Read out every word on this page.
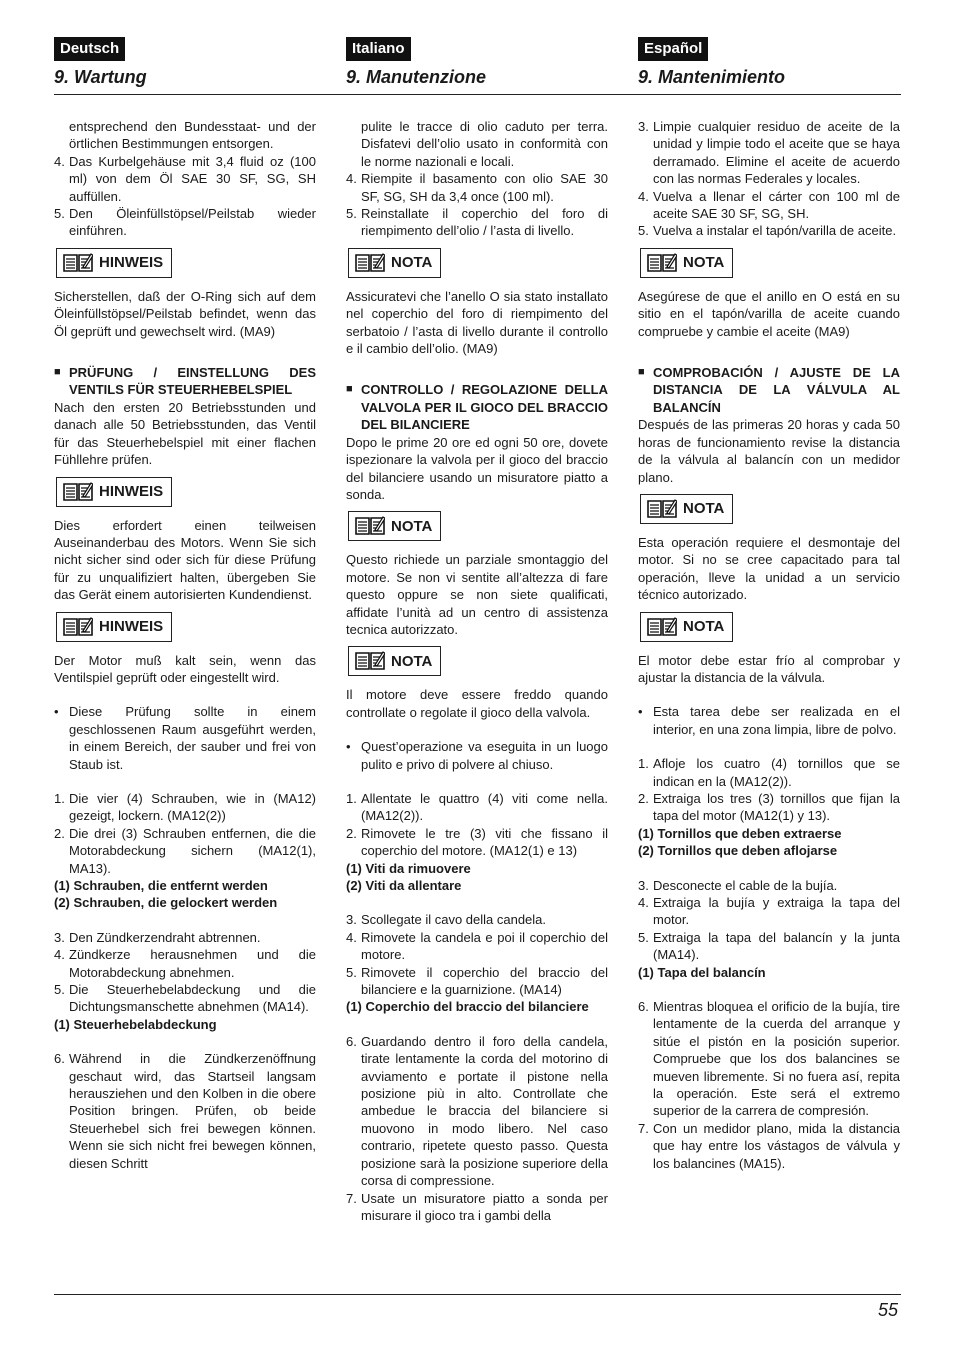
Deutsch
9. Wartung

entsprechend den Bundesstaat- und der örtlichen Bestimmungen entsorgen.

4. Das Kurbelgehäuse mit 3,4 fluid oz (100 ml) von dem Öl SAE 30 SF, SG, SH auffüllen.
5. Den Öleinfüllstöpsel/Peilstab wieder einführen.
HINWEIS

Sicherstellen, daß der O-Ring sich auf dem Öleinfüllstöpsel/Peilstab befindet, wenn das Öl geprüft und gewechselt wird. (MA9)

■ PRÜFUNG / EINSTELLUNG DES VENTILS FÜR STEUERHEBELSPIEL

Nach den ersten 20 Betriebsstunden und danach alle 50 Betriebsstunden, das Ventil für das Steuerhebelspiel mit einer flachen Fühllehre prüfen.

HINWEIS

Dies erfordert einen teilweisen Auseinanderbau des Motors. Wenn Sie sich nicht sicher sind oder sich für diese Prüfung für zu unqualifiziert halten, übergeben Sie das Gerät einem autorisierten Kundendienst.

HINWEIS

Der Motor muß kalt sein, wenn das Ventilspiel geprüft oder eingestellt wird.

• Diese Prüfung sollte in einem geschlossenen Raum ausgeführt werden, in einem Bereich, der sauber und frei von Staub ist.
1. Die vier (4) Schrauben, wie in (MA12) gezeigt, lockern. (MA12(2))
2. Die drei (3) Schrauben entfernen, die die Motorabdeckung sichern (MA12(1), MA13).

(1) Schrauben, die entfernt werden

(2) Schrauben, die gelockert werden

3. Den Zündkerzendraht abtrennen.
4. Zündkerze herausnehmen und die Motorabdeckung abnehmen.
5. Die Steuerhebelabdeckung und die Dichtungsmanschette abnehmen (MA14).

(1) Steuerhebelabdeckung

6. Während in die Zündkerzenöffnung geschaut wird, das Startseil langsam herausziehen und den Kolben in die obere Position bringen. Prüfen, ob beide Steuerhebel sich frei bewegen können. Wenn sie sich nicht frei bewegen können, diesen Schritt
Italiano
9. Manutenzione

pulite le tracce di olio caduto per terra. Disfatevi dell’olio usato in conformità con le norme nazionali e locali.

4. Riempite il basamento con olio SAE 30 SF, SG, SH da 3,4 once (100 ml).
5. Reinstallate il coperchio del foro di riempimento dell’olio / l’asta di livello.
NOTA

Assicuratevi che l’anello O sia stato installato nel coperchio del foro di riempimento del serbatoio / l’asta di livello durante il controllo e il cambio dell’olio. (MA9)

■ CONTROLLO / REGOLAZIONE DELLA VALVOLA PER IL GIOCO DEL BRACCIO DEL BILANCIERE

Dopo le prime 20 ore ed ogni 50 ore, dovete ispezionare la valvola per il gioco del braccio del bilanciere usando un misuratore piatto a sonda.

NOTA

Questo richiede un parziale smontaggio del motore. Se non vi sentite all’altezza di fare questo oppure se non siete qualificati, affidate l’unità ad un centro di assistenza tecnica autorizzato.

NOTA

Il motore deve essere freddo quando controllate o regolate il gioco della valvola.

• Quest’operazione va eseguita in un luogo pulito e privo di polvere al chiuso.
1. Allentate le quattro (4) viti come nella. (MA12(2)).
2. Rimovete le tre (3) viti che fissano il coperchio del motore. (MA12(1) e 13)

(1) Viti da rimuovere

(2) Viti da allentare

3. Scollegate il cavo della candela.
4. Rimovete la candela e poi il coperchio del motore.
5. Rimovete il coperchio del braccio del bilanciere e la guarnizione. (MA14)

(1) Coperchio del braccio del bilanciere

6. Guardando dentro il foro della candela, tirate lentamente la corda del motorino di avviamento e portate il pistone nella posizione più in alto. Controllate che ambedue le braccia del bilanciere si muovono in modo libero. Nel caso contrario, ripetete questo passo. Questa posizione sarà la posizione superiore della corsa di compressione.
7. Usate un misuratore piatto a sonda per misurare il gioco tra i gambi della
Español
9. Mantenimiento
3. Limpie cualquier residuo de aceite de la unidad y limpie todo el aceite que se haya derramado. Elimine el aceite de acuerdo con las normas Federales y locales.
4. Vuelva a llenar el cárter con 100 ml de aceite SAE 30 SF, SG, SH.
5. Vuelva a instalar el tapón/varilla de aceite.
NOTA

Asegúrese de que el anillo en O está en su sitio en el tapón/varilla de aceite cuando compruebe y cambie el aceite (MA9)

■ COMPROBACIÓN / AJUSTE DE LA DISTANCIA DE LA VÁLVULA AL BALANCÍN

Después de las primeras 20 horas y cada 50 horas de funcionamiento revise la distancia de la válvula al balancín con un medidor plano.

NOTA

Esta operación requiere el desmontaje del motor. Si no se cree capacitado para tal operación, lleve la unidad a un servicio técnico autorizado.

NOTA

El motor debe estar frío al comprobar y ajustar la distancia de la válvula.

• Esta tarea debe ser realizada en el interior, en una zona limpia, libre de polvo.
1. Afloje los cuatro (4) tornillos que se indican en la (MA12(2)).
2. Extraiga los tres (3) tornillos que fijan la tapa del motor (MA12(1) y 13).

(1) Tornillos que deben extraerse

(2) Tornillos que deben aflojarse

3. Desconecte el cable de la bujía.
4. Extraiga la bujía y extraiga la tapa del motor.
5. Extraiga la tapa del balancín y la junta (MA14).

(1) Tapa del balancín

6. Mientras bloquea el orificio de la bujía, tire lentamente de la cuerda del arranque y sitúe el pistón en la posición superior. Compruebe que los dos balancines se mueven libremente. Si no fuera así, repita la operación. Este será el extremo superior de la carrera de compresión.
7. Con un medidor plano, mida la distancia que hay entre los vástagos de válvula y los balancines (MA15).
55
